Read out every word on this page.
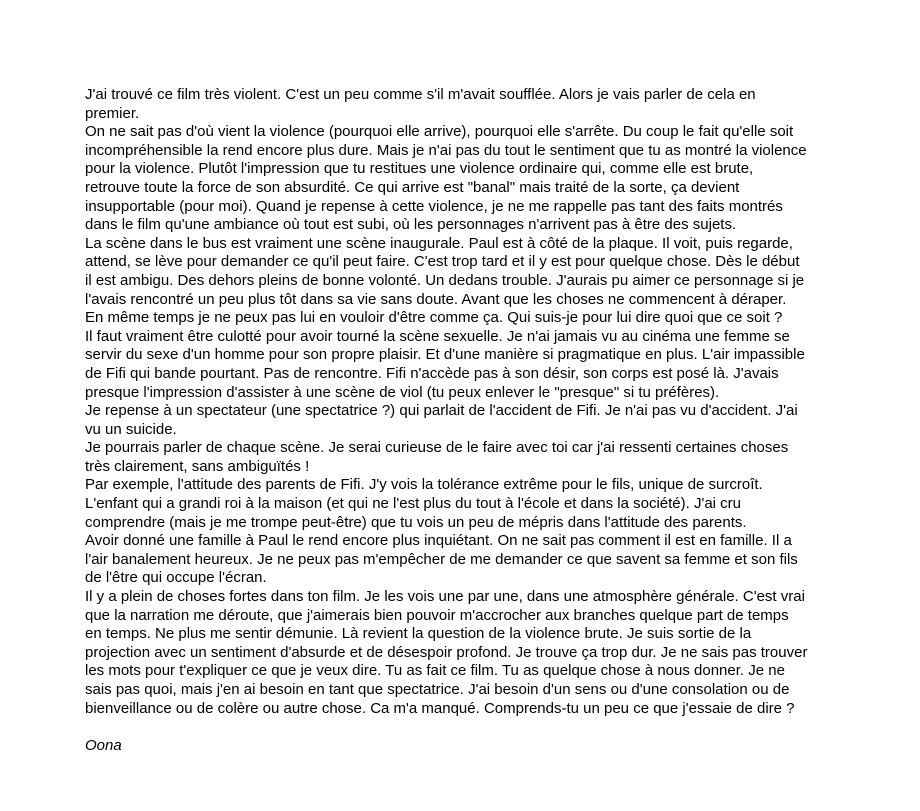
J'ai trouvé ce film très violent. C'est un peu comme s'il m'avait soufflée. Alors je vais parler de cela en
premier.
On ne sait pas d'où vient la violence (pourquoi elle arrive), pourquoi elle s'arrête. Du coup le fait qu'elle soit
incompréhensible la rend encore plus dure. Mais je n'ai pas du tout le sentiment que tu as montré la violence
pour la violence. Plutôt l'impression que tu restitues une violence ordinaire qui, comme elle est brute,
retrouve toute la force de son absurdité. Ce qui arrive est "banal" mais traité de la sorte, ça devient
insupportable (pour moi). Quand je repense à cette violence, je ne me rappelle pas tant des faits montrés
dans le film qu'une ambiance où tout est subi, où les personnages n'arrivent pas à être des sujets.
La scène dans le bus est vraiment une scène inaugurale. Paul est à côté de la plaque. Il voit, puis regarde,
attend, se lève pour demander ce qu'il peut faire. C'est trop tard et il y est pour quelque chose. Dès le début
il est ambigu. Des dehors pleins de bonne volonté. Un dedans trouble. J'aurais pu aimer ce personnage si je
l'avais rencontré un peu plus tôt dans sa vie sans doute. Avant que les choses ne commencent à déraper.
En même temps je ne peux pas lui en vouloir d'être comme ça. Qui suis-je pour lui dire quoi que ce soit ?
Il faut vraiment être culotté pour avoir tourné la scène sexuelle. Je n'ai jamais vu au cinéma une femme se
servir du sexe d'un homme pour son propre plaisir. Et d'une manière si pragmatique en plus. L'air impassible
de Fifi qui bande pourtant. Pas de rencontre. Fifi n'accède pas à son désir, son corps est posé là. J'avais
presque l'impression d'assister à une scène de viol (tu peux enlever le "presque" si tu préfères).
Je repense à un spectateur (une spectatrice ?) qui parlait de l'accident de Fifi. Je n'ai pas vu d'accident. J'ai
vu un suicide.
Je pourrais parler de chaque scène. Je serai curieuse de le faire avec toi car j'ai ressenti certaines choses
très clairement, sans ambiguïtés !
Par exemple, l'attitude des parents de Fifi. J'y vois la tolérance extrême pour le fils, unique de surcroît.
L'enfant qui a grandi roi à la maison (et qui ne l'est plus du tout à l'école et dans la société). J'ai cru
comprendre (mais je me trompe peut-être) que tu vois un peu de mépris dans l'attitude des parents.
Avoir donné une famille à Paul le rend encore plus inquiétant. On ne sait pas comment il est en famille. Il a
l'air banalement heureux. Je ne peux pas m'empêcher de me demander ce que savent sa femme et son fils
de l'être qui occupe l'écran.
Il y a plein de choses fortes dans ton film. Je les vois une par une, dans une atmosphère générale. C'est vrai
que la narration me déroute, que j'aimerais bien pouvoir m'accrocher aux branches quelque part de temps
en temps. Ne plus me sentir démunie. Là revient la question de la violence brute. Je suis sortie de la
projection avec un sentiment d'absurde et de désespoir profond. Je trouve ça trop dur. Je ne sais pas trouver
les mots pour t'expliquer ce que je veux dire. Tu as fait ce film. Tu as quelque chose à nous donner. Je ne
sais pas quoi, mais j'en ai besoin en tant que spectatrice. J'ai besoin d'un sens ou d'une consolation ou de
bienveillance ou de colère ou autre chose. Ca m'a manqué. Comprends-tu un peu ce que j'essaie de dire ?
Oona
